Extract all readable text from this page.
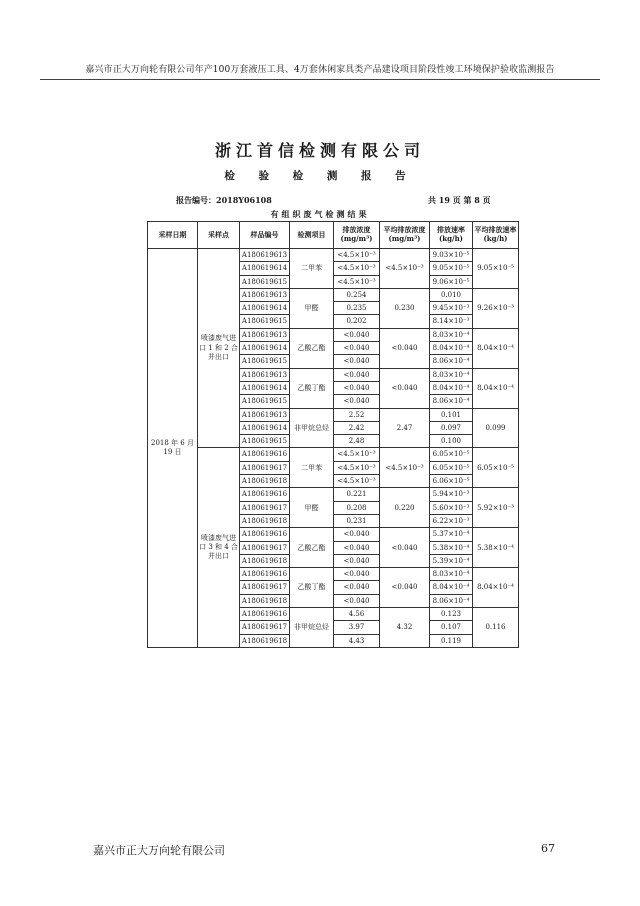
嘉兴市正大万向轮有限公司年产100万套液压工具、4万套休闲家具类产品建设项目阶段性竣工环境保护验收监测报告
浙江首信检测有限公司
检 验 检 测 报 告
报告编号：2018Y06108	共 19 页 第 8 页
有组织废气检测结果
采样日期	采样点	样品编号	检测项目	排放浓度 (mg/m³)	平均排放浓度 (mg/m³)	排放速率 (kg/h)	平均排放速率 (kg/h)
2018 年 6 月 19 日	喷漆废气进口 1 和 2 合并出口	A180619613	二甲苯	<4.5×10⁻³	<4.5×10⁻³	9.03×10⁻⁵	9.05×10⁻⁵
		A180619614		<4.5×10⁻³		9.05×10⁻⁵	
		A180619615		<4.5×10⁻³		9.06×10⁻⁵	
		A180619613	甲醛	0.254	0.230	0.010	9.26×10⁻³
		A180619614		0.235		9.45×10⁻³	
		A180619615		0.202		8.14×10⁻³	
		A180619613	乙酸乙酯	<0.040	<0.040	8.03×10⁻⁴	8.04×10⁻⁴
		A180619614		<0.040		8.04×10⁻⁴	
		A180619615		<0.040		8.06×10⁻⁴	
		A180619613	乙酸丁酯	<0.040	<0.040	8.03×10⁻⁴	8.04×10⁻⁴
		A180619614		<0.040		8.04×10⁻⁴	
		A180619615		<0.040		8.06×10⁻⁴	
		A180619613	非甲烷总烃	2.52	2.47	0.101	0.099
		A180619614		2.42		0.097	
		A180619615		2.48		0.100	
	喷漆废气进口 3 和 4 合并出口	A180619616	二甲苯	<4.5×10⁻³	<4.5×10⁻³	6.05×10⁻⁵	6.05×10⁻⁵
		A180619617		<4.5×10⁻³		6.05×10⁻⁵	
		A180619618		<4.5×10⁻³		6.06×10⁻⁵	
		A180619616	甲醛	0.221	0.220	5.94×10⁻³	5.92×10⁻³
		A180619617		0.208		5.60×10⁻³	
		A180619618		0.231		6.22×10⁻³	
		A180619616	乙酸乙酯	<0.040	<0.040	5.37×10⁻⁴	5.38×10⁻⁴
		A180619617		<0.040		5.38×10⁻⁴	
		A180619618		<0.040		5.39×10⁻⁴	
		A180619616	乙酸丁酯	<0.040	<0.040	8.03×10⁻⁴	8.04×10⁻⁴
		A180619617		<0.040		8.04×10⁻⁴	
		A180619618		<0.040		8.06×10⁻⁴	
		A180619616	非甲烷总烃	4.56	4.32	0.123	0.116
		A180619617		3.97		0.107	
		A180619618		4.43		0.119	
嘉兴市正大万向轮有限公司	67
